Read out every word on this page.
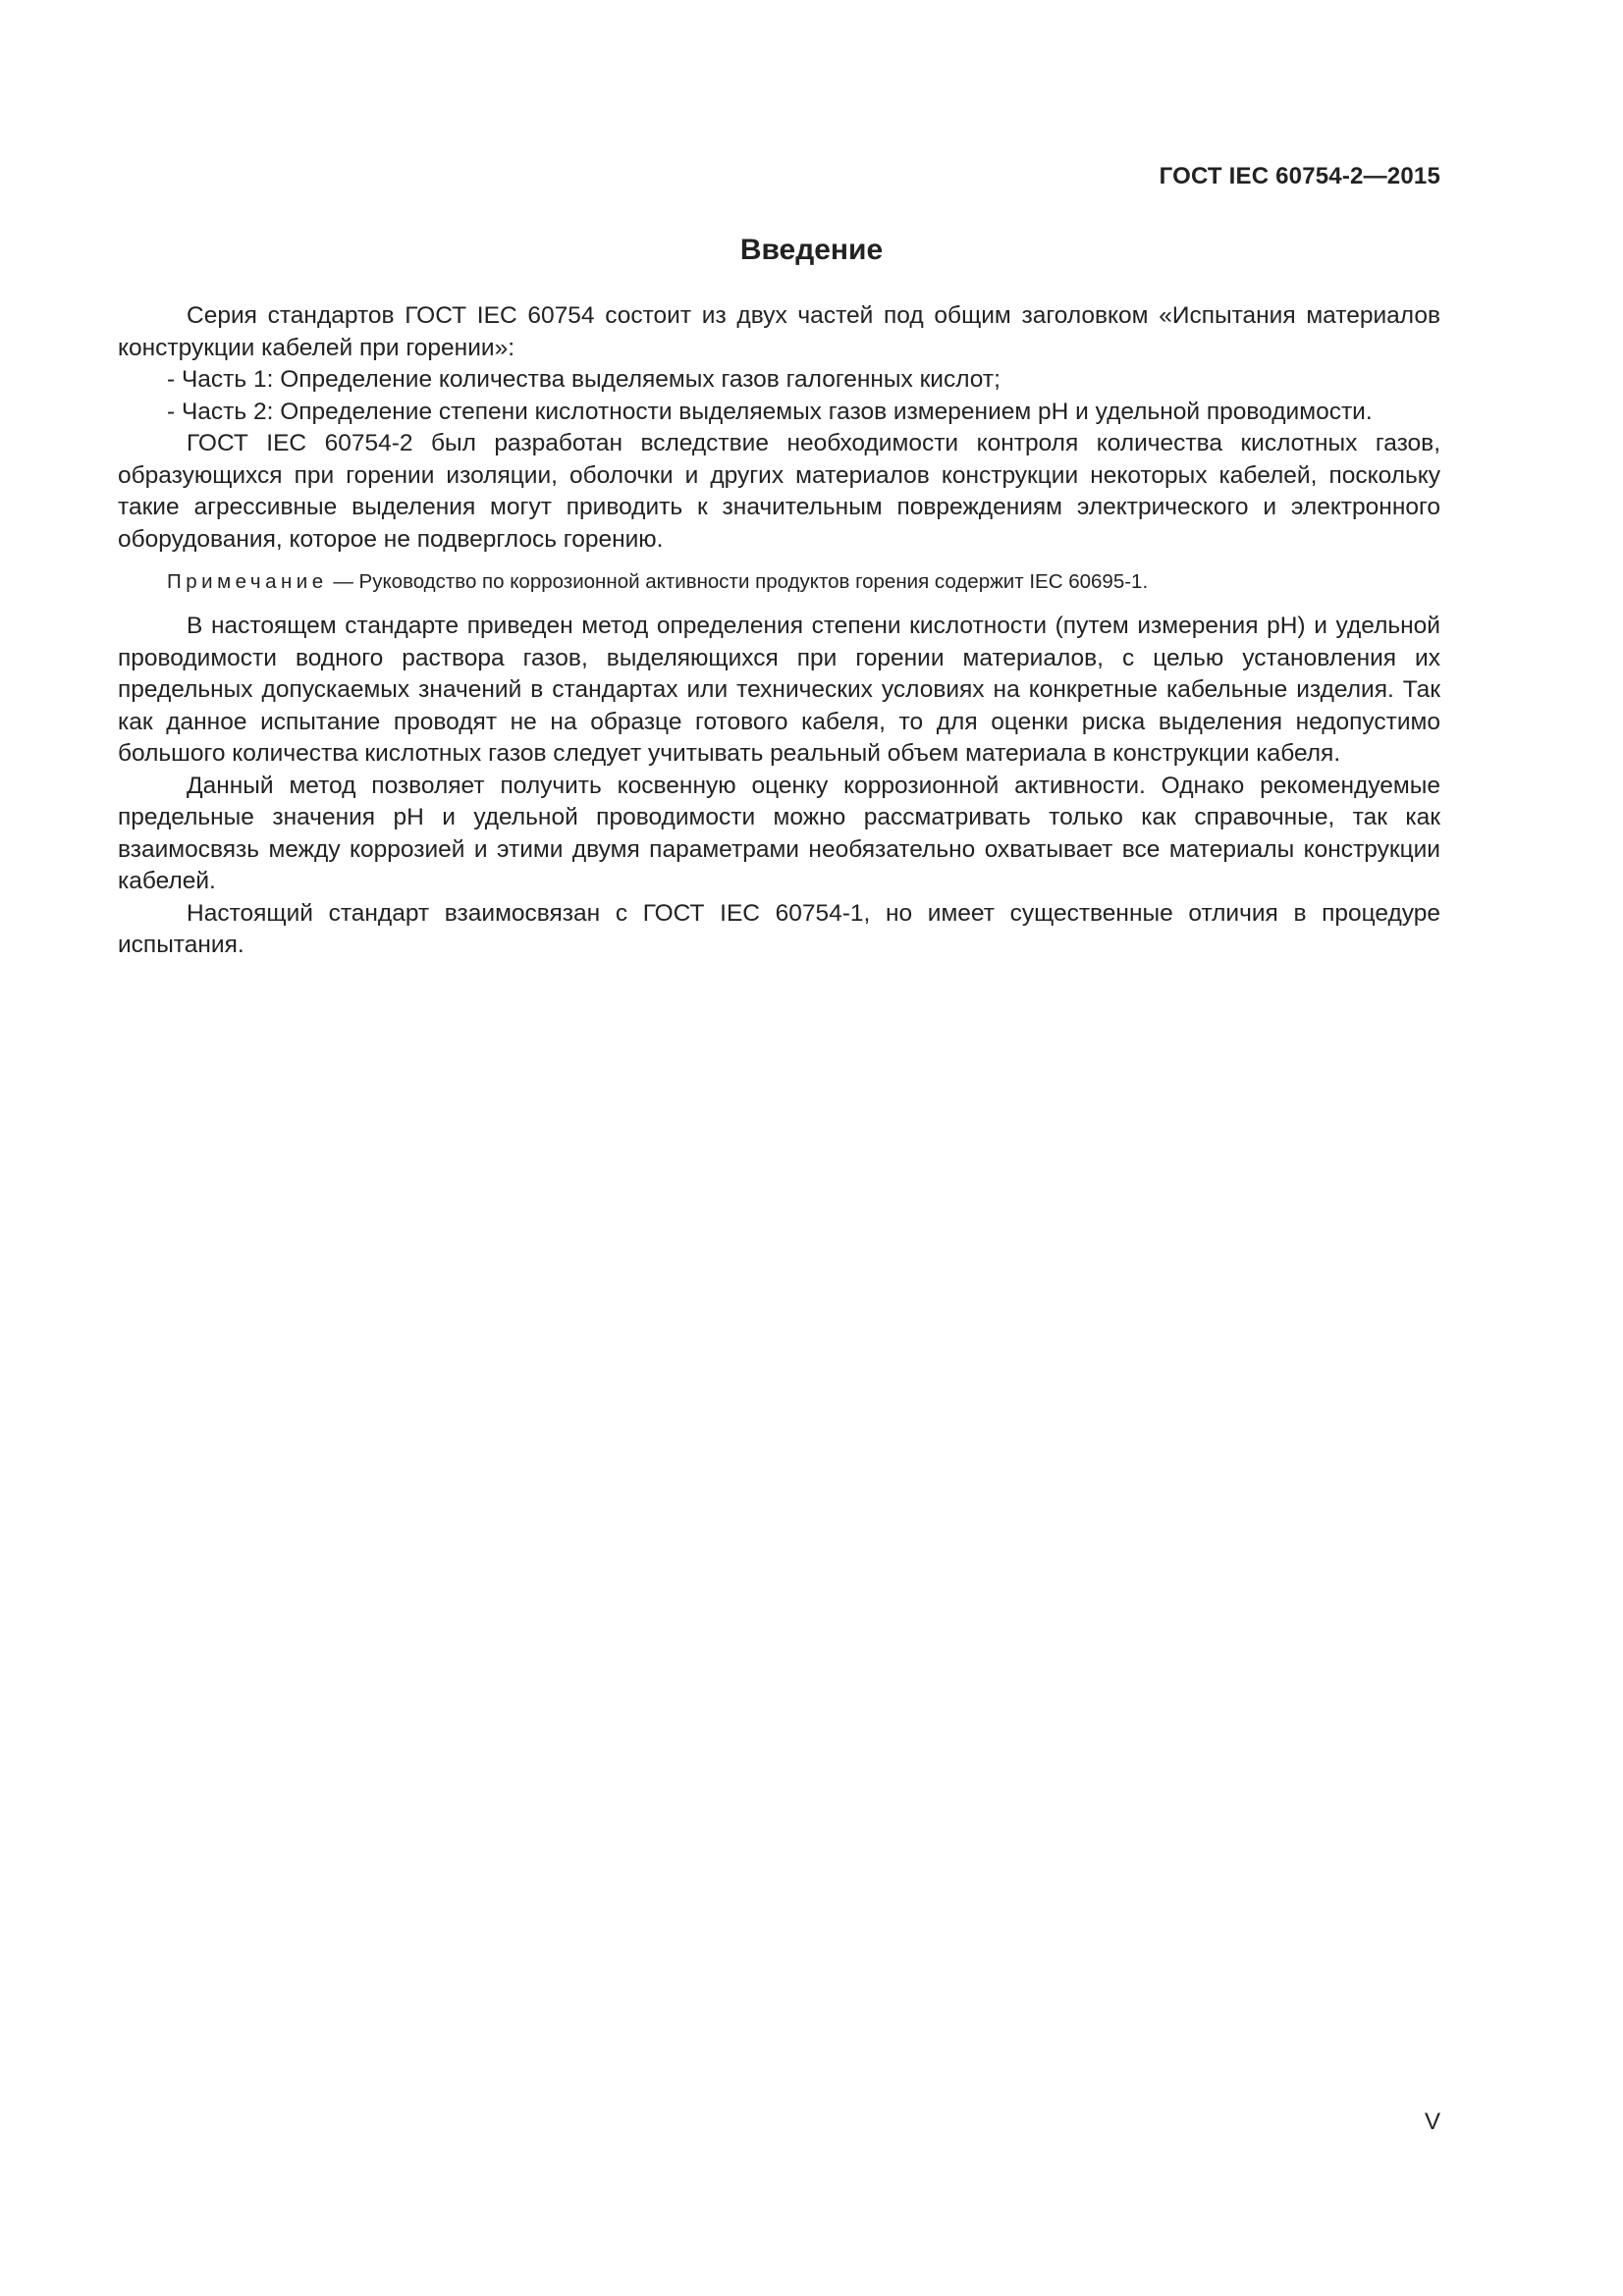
ГОСТ IEC 60754-2—2015
Введение

Серия стандартов ГОСТ IEC 60754 состоит из двух частей под общим заголовком «Испытания материалов конструкции кабелей при горении»:

- Часть 1: Определение количества выделяемых газов галогенных кислот;

- Часть 2: Определение степени кислотности выделяемых газов измерением pH и удельной проводимости.

ГОСТ IEC 60754-2 был разработан вследствие необходимости контроля количества кислотных газов, образующихся при горении изоляции, оболочки и других материалов конструкции некоторых кабелей, поскольку такие агрессивные выделения могут приводить к значительным повреждениям электрического и электронного оборудования, которое не подверглось горению.

Примечание — Руководство по коррозионной активности продуктов горения содержит IEC 60695-1.

В настоящем стандарте приведен метод определения степени кислотности (путем измерения pH) и удельной проводимости водного раствора газов, выделяющихся при горении материалов, с целью установления их предельных допускаемых значений в стандартах или технических условиях на конкретные кабельные изделия. Так как данное испытание проводят не на образце готового кабеля, то для оценки риска выделения недопустимо большого количества кислотных газов следует учитывать реальный объем материала в конструкции кабеля.

Данный метод позволяет получить косвенную оценку коррозионной активности. Однако рекомендуемые предельные значения pH и удельной проводимости можно рассматривать только как справочные, так как взаимосвязь между коррозией и этими двумя параметрами необязательно охватывает все материалы конструкции кабелей.

Настоящий стандарт взаимосвязан с ГОСТ IEC 60754-1, но имеет существенные отличия в процедуре испытания.

V
